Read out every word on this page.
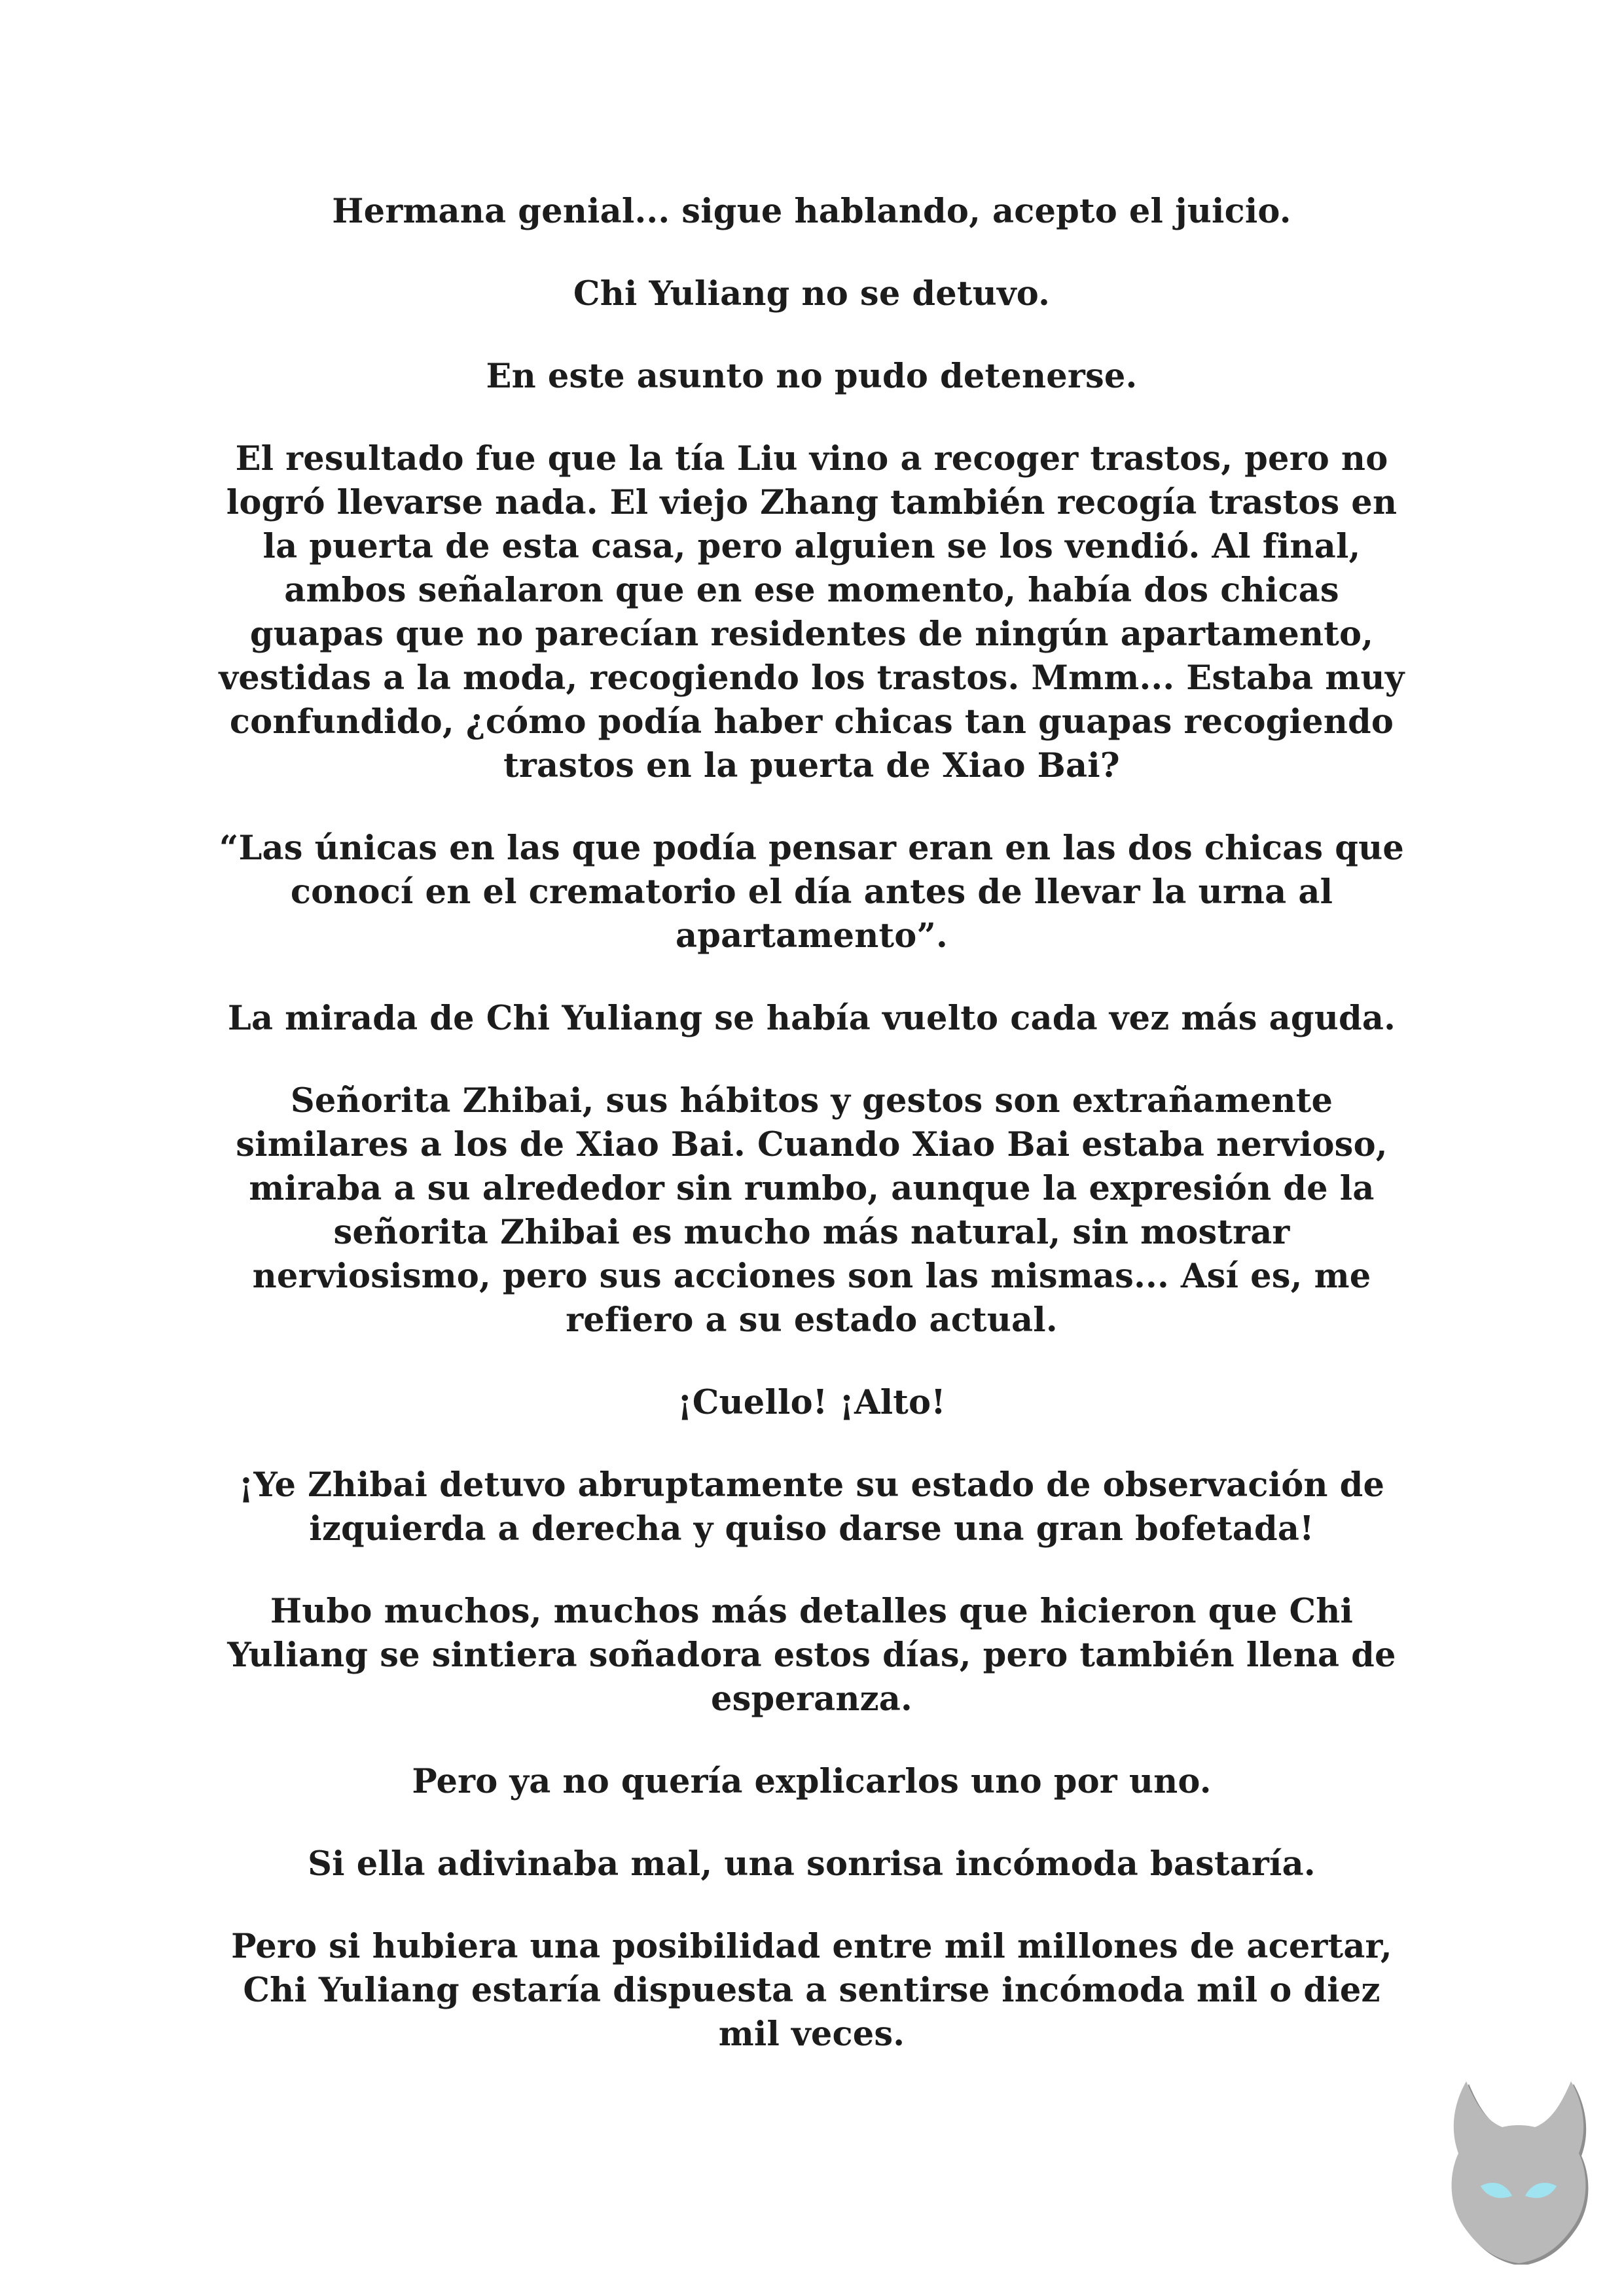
Hermana genial... sigue hablando, acepto el juicio.

Chi Yuliang no se detuvo.

En este asunto no pudo detenerse.

El resultado fue que la tía Liu vino a recoger trastos, pero no logró llevarse nada. El viejo Zhang también recogía trastos en la puerta de esta casa, pero alguien se los vendió. Al final, ambos señalaron que en ese momento, había dos chicas guapas que no parecían residentes de ningún apartamento, vestidas a la moda, recogiendo los trastos. Mmm... Estaba muy confundido, ¿cómo podía haber chicas tan guapas recogiendo trastos en la puerta de Xiao Bai?

“Las únicas en las que podía pensar eran en las dos chicas que conocí en el crematorio el día antes de llevar la urna al apartamento”.

La mirada de Chi Yuliang se había vuelto cada vez más aguda.

Señorita Zhibai, sus hábitos y gestos son extrañamente similares a los de Xiao Bai. Cuando Xiao Bai estaba nervioso, miraba a su alrededor sin rumbo, aunque la expresión de la señorita Zhibai es mucho más natural, sin mostrar nerviosismo, pero sus acciones son las mismas... Así es, me refiero a su estado actual.

¡Cuello! ¡Alto!

¡Ye Zhibai detuvo abruptamente su estado de observación de izquierda a derecha y quiso darse una gran bofetada!

Hubo muchos, muchos más detalles que hicieron que Chi Yuliang se sintiera soñadora estos días, pero también llena de esperanza.

Pero ya no quería explicarlos uno por uno.

Si ella adivinaba mal, una sonrisa incómoda bastaría.

Pero si hubiera una posibilidad entre mil millones de acertar, Chi Yuliang estaría dispuesta a sentirse incómoda mil o diez mil veces.
